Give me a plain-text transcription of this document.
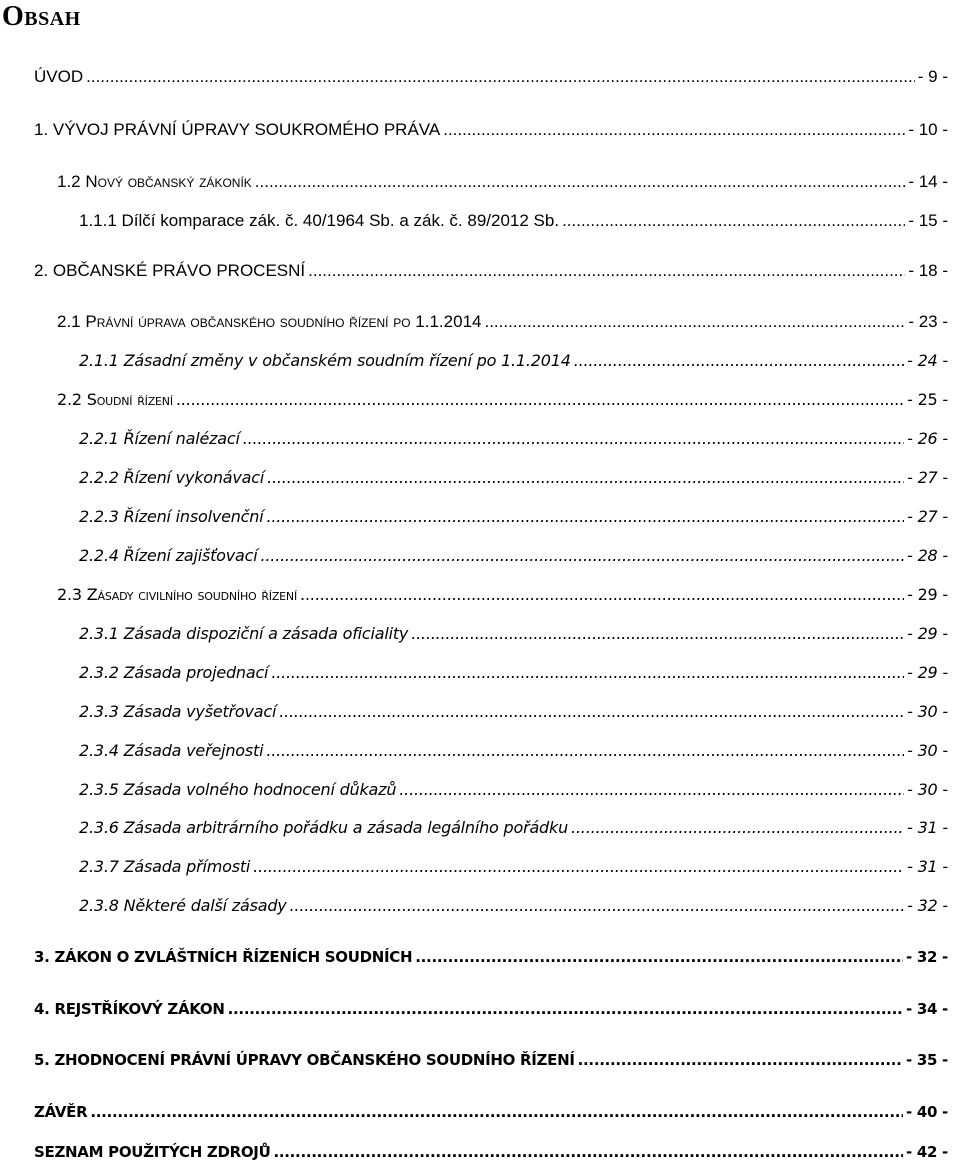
Obsah
ÚVOD .....	- 9 -
1. VÝVOJ PRÁVNÍ ÚPRAVY SOUKROMÉHO PRÁVA .....	- 10 -
1.2 Nový občanský zákoník .....	- 14 -
1.1.1 Dílčí komparace zák. č. 40/1964 Sb. a zák. č. 89/2012 Sb. .....	- 15 -
2. OBČANSKÉ PRÁVO PROCESNÍ .....	- 18 -
2.1 Právní úprava občanského soudního řízení po 1.1.2014 .....	- 23 -
2.1.1 Zásadní změny v občanském soudním řízení po 1.1.2014 .....	- 24 -
2.2 Soudní řízení .....	- 25 -
2.2.1 Řízení nalézací .....	- 26 -
2.2.2 Řízení vykonávací .....	- 27 -
2.2.3 Řízení insolvenční .....	- 27 -
2.2.4 Řízení zajišťovací .....	- 28 -
2.3 Zásady civilního soudního řízení .....	- 29 -
2.3.1 Zásada dispoziční a zásada oficiality .....	- 29 -
2.3.2 Zásada projednací .....	- 29 -
2.3.3 Zásada vyšetřovací .....	- 30 -
2.3.4 Zásada veřejnosti .....	- 30 -
2.3.5 Zásada volného hodnocení důkazů .....	- 30 -
2.3.6 Zásada arbitrárního pořádku a zásada legálního pořádku .....	- 31 -
2.3.7 Zásada přímosti .....	- 31 -
2.3.8 Některé další zásady .....	- 32 -
3. ZÁKON O ZVLÁŠTNÍCH ŘÍZENÍCH SOUDNÍCH .....	- 32 -
4. REJSTŘÍKOVÝ ZÁKON .....	- 34 -
5. ZHODNOCENÍ PRÁVNÍ ÚPRAVY OBČANSKÉHO SOUDNÍHO ŘÍZENÍ .....	- 35 -
ZÁVĚR .....	- 40 -
SEZNAM POUŽITÝCH ZDROJŮ .....	- 42 -
